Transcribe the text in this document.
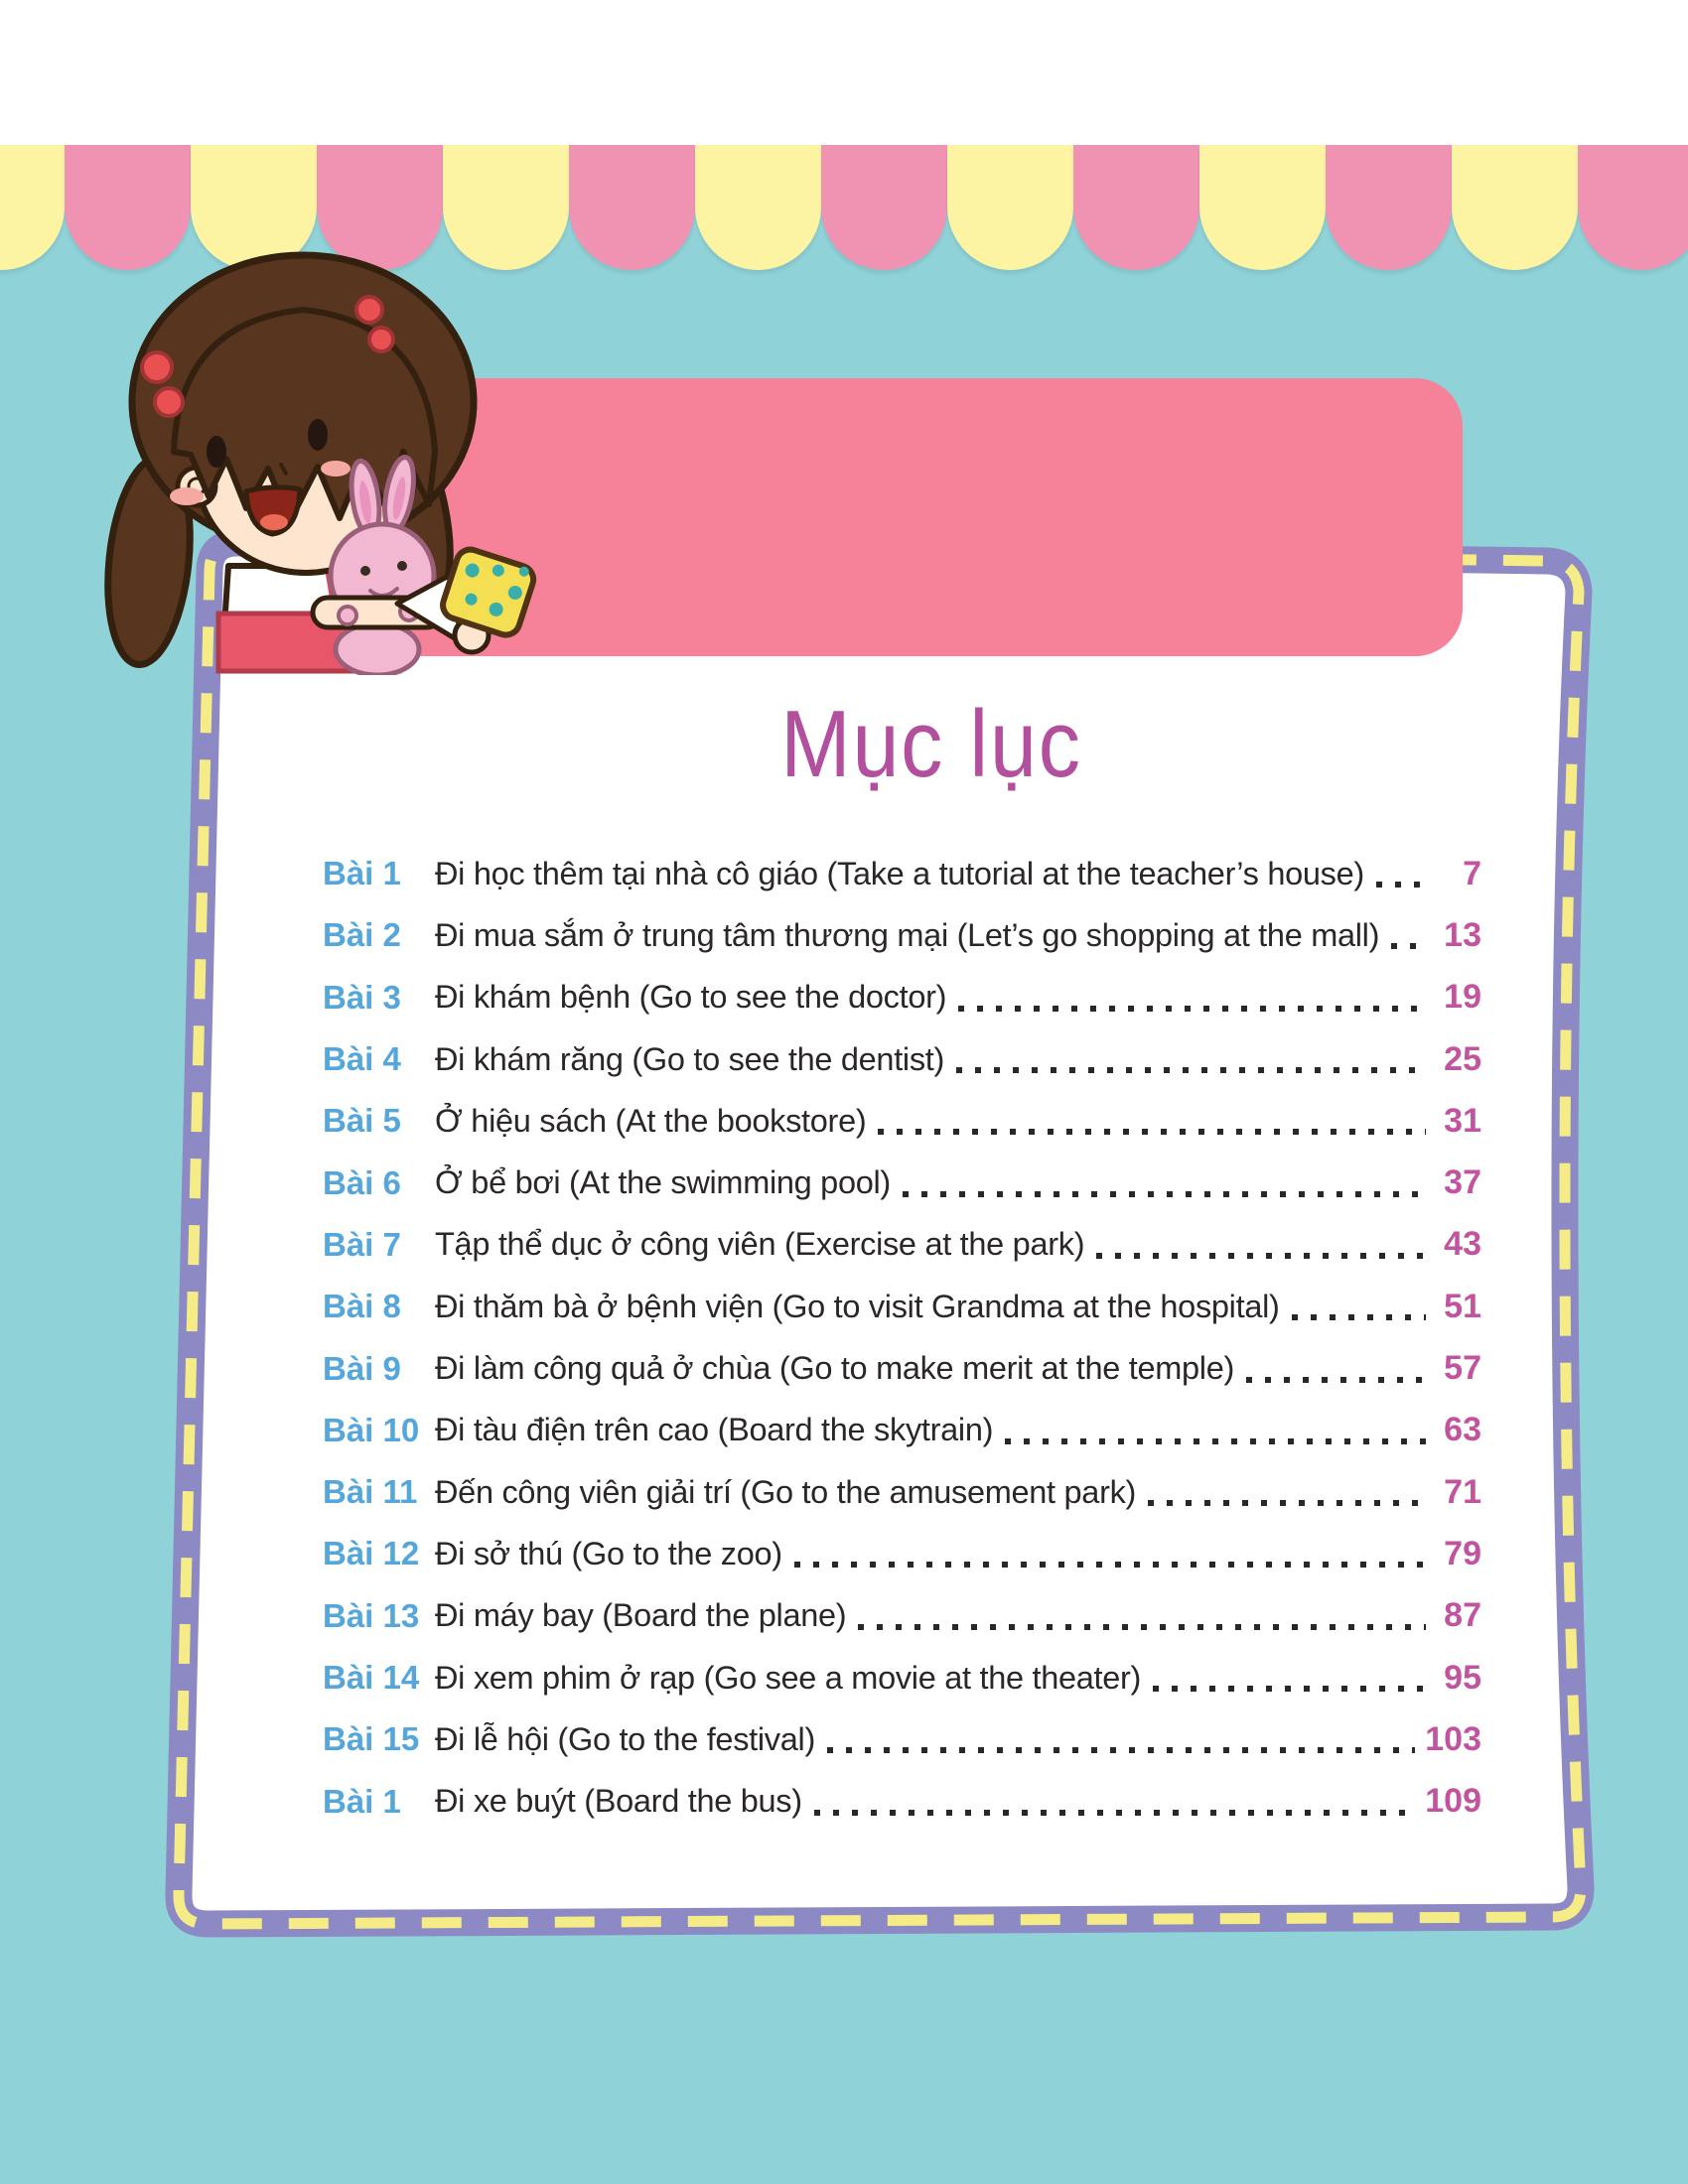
Mục lục
Bài 1	Đi học thêm tại nhà cô giáo (Take a tutorial at the teacher’s house)	7
Bài 2	Đi mua sắm ở trung tâm thương mại (Let’s go shopping at the mall) 13
Bài 3	Đi khám bệnh (Go to see the doctor)	19
Bài 4	Đi khám răng (Go to see the dentist)	25
Bài 5	Ở hiệu sách (At the bookstore)	31
Bài 6	Ở bể bơi (At the swimming pool)	37
Bài 7	Tập thể dục ở công viên (Exercise at the park)	43
Bài 8	Đi thăm bà ở bệnh viện (Go to visit Grandma at the hospital)	51
Bài 9	Đi làm công quả ở chùa (Go to make merit at the temple)	57
Bài 10 Đi tàu điện trên cao (Board the skytrain)	63
Bài 11 Đến công viên giải trí (Go to the amusement park)	71
Bài 12 Đi sở thú (Go to the zoo)	79
Bài 13 Đi máy bay (Board the plane)	87
Bài 14 Đi xem phim ở rạp (Go see a movie at the theater)	95
Bài 15 Đi lễ hội (Go to the festival)	103
Bài 1	Đi xe buýt (Board the bus)	109
